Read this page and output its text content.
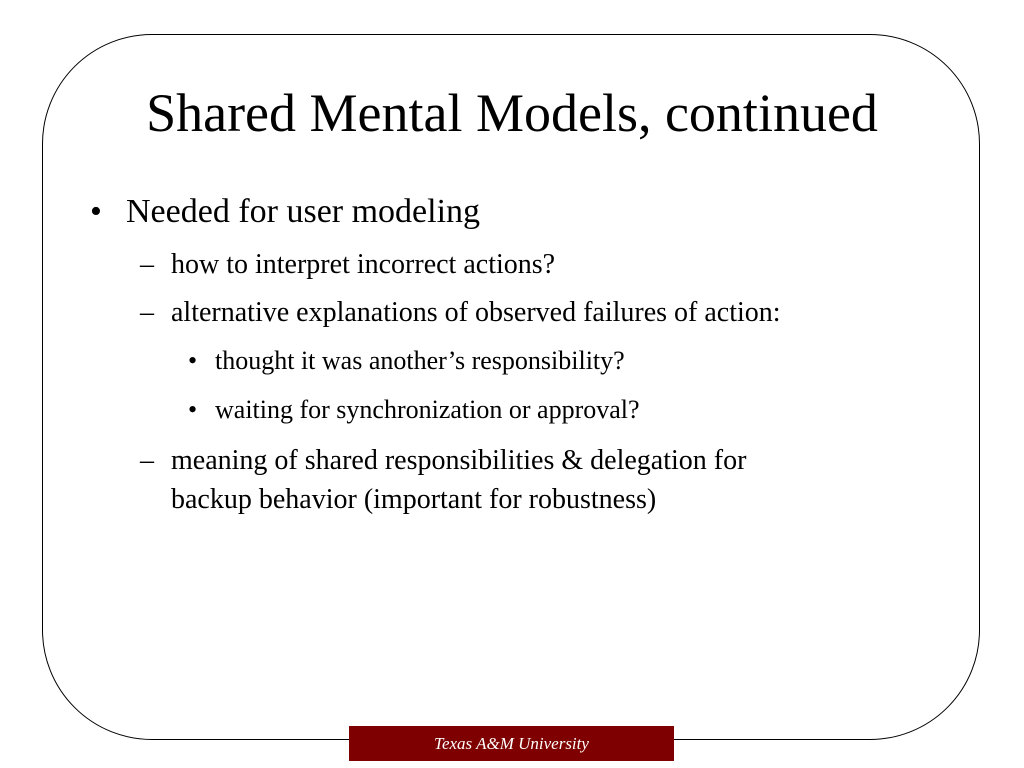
Shared Mental Models, continued
• Needed for user modeling
– how to interpret incorrect actions?
– alternative explanations of observed failures of action:
• thought it was another’s responsibility?
• waiting for synchronization or approval?
– meaning of shared responsibilities & delegation for
backup behavior (important for robustness)
Texas A&M University
